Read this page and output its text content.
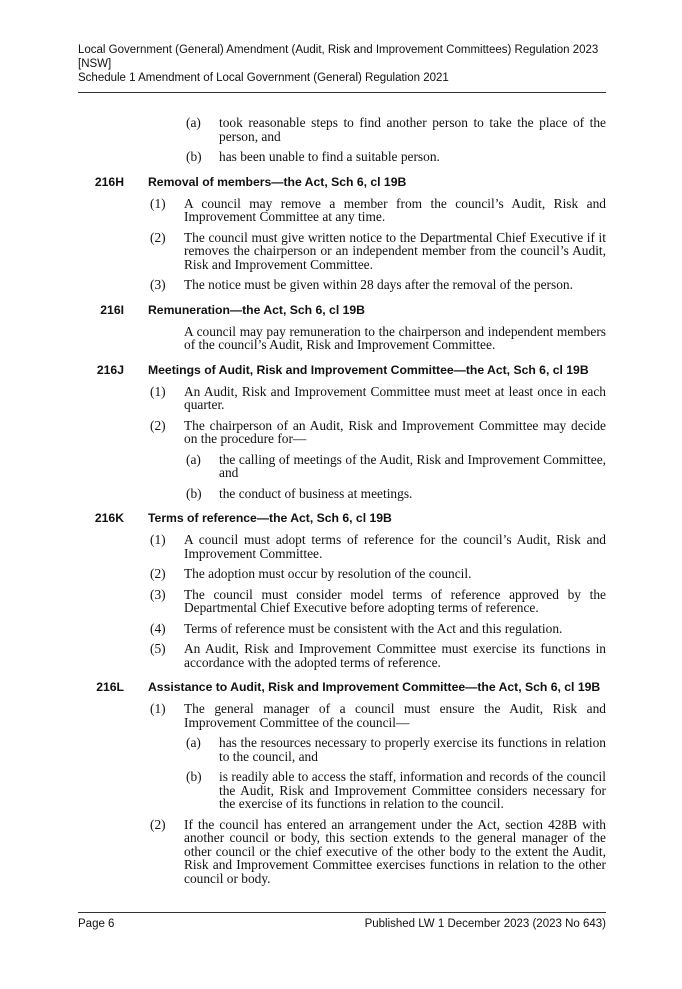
Local Government (General) Amendment (Audit, Risk and Improvement Committees) Regulation 2023
[NSW]
Schedule 1 Amendment of Local Government (General) Regulation 2021
(a)	took reasonable steps to find another person to take the place of the person, and
(b)	has been unable to find a suitable person.
216H	Removal of members—the Act, Sch 6, cl 19B
(1)	A council may remove a member from the council’s Audit, Risk and Improvement Committee at any time.
(2)	The council must give written notice to the Departmental Chief Executive if it removes the chairperson or an independent member from the council’s Audit, Risk and Improvement Committee.
(3)	The notice must be given within 28 days after the removal of the person.
216I	Remuneration—the Act, Sch 6, cl 19B
A council may pay remuneration to the chairperson and independent members of the council’s Audit, Risk and Improvement Committee.
216J	Meetings of Audit, Risk and Improvement Committee—the Act, Sch 6, cl 19B
(1)	An Audit, Risk and Improvement Committee must meet at least once in each quarter.
(2)	The chairperson of an Audit, Risk and Improvement Committee may decide on the procedure for—
(a)	the calling of meetings of the Audit, Risk and Improvement Committee, and
(b)	the conduct of business at meetings.
216K	Terms of reference—the Act, Sch 6, cl 19B
(1)	A council must adopt terms of reference for the council’s Audit, Risk and Improvement Committee.
(2)	The adoption must occur by resolution of the council.
(3)	The council must consider model terms of reference approved by the Departmental Chief Executive before adopting terms of reference.
(4)	Terms of reference must be consistent with the Act and this regulation.
(5)	An Audit, Risk and Improvement Committee must exercise its functions in accordance with the adopted terms of reference.
216L	Assistance to Audit, Risk and Improvement Committee—the Act, Sch 6, cl 19B
(1)	The general manager of a council must ensure the Audit, Risk and Improvement Committee of the council—
(a)	has the resources necessary to properly exercise its functions in relation to the council, and
(b)	is readily able to access the staff, information and records of the council the Audit, Risk and Improvement Committee considers necessary for the exercise of its functions in relation to the council.
(2)	If the council has entered an arrangement under the Act, section 428B with another council or body, this section extends to the general manager of the other council or the chief executive of the other body to the extent the Audit, Risk and Improvement Committee exercises functions in relation to the other council or body.
Page 6	Published LW 1 December 2023 (2023 No 643)
